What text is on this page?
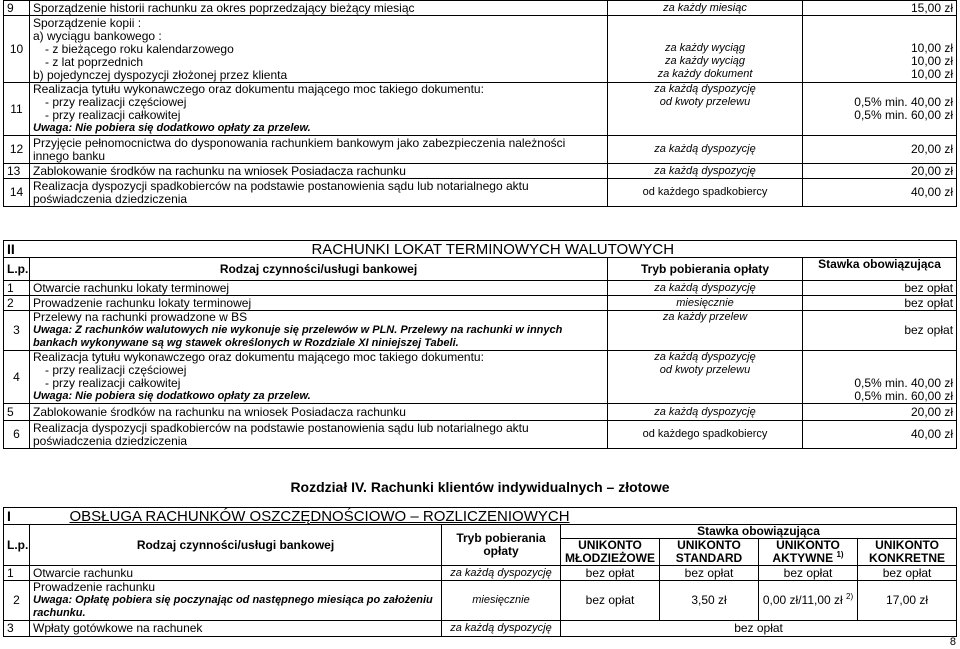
9	Sporządzenie historii rachunku za okres poprzedzający bieżący miesiąc	za każdy miesiąc	15,00 zł
10	Sporządzenie kopii :
a) wyciągu bankowego :
- z bieżącego roku kalendarzowego
- z lat poprzednich
b) pojedynczej dyspozycji złożonej przez klienta	za każdy wyciąg
za każdy wyciąg
za każdy dokument	10,00 zł
10,00 zł
10,00 zł

11	Realizacja tytułu wykonawczego oraz dokumentu mającego moc takiego dokumentu:
- przy realizacji częściowej
- przy realizacji całkowitej
Uwaga: Nie pobiera się dodatkowo opłaty za przelew.	za każdą dyspozycję
od kwoty przelewu	0,5% min. 40,00 zł
0,5% min. 60,00 zł

12	Przyjęcie pełnomocnictwa do dysponowania rachunkiem bankowym jako zabezpieczenia należności innego banku	za każdą dyspozycję	20,00 zł
13	Zablokowanie środków na rachunku na wniosek Posiadacza rachunku	za każdą dyspozycję	20,00 zł
14	Realizacja dyspozycji spadkobierców na podstawie postanowienia sądu lub notarialnego aktu poświadczenia dziedziczenia	od każdego spadkobiercy	40,00 zł
II	RACHUNKI LOKAT TERMINOWYCH WALUTOWYCH		
L.p.	Rodzaj czynności/usługi bankowej	Tryb pobierania opłaty	Stawka obowiązująca
1	Otwarcie rachunku lokaty terminowej	za każdą dyspozycję	bez opłat
2	Prowadzenie rachunku lokaty terminowej	miesięcznie	bez opłat
3	Przelewy na rachunki prowadzone w BS
Uwaga: Z rachunków walutowych nie wykonuje się przelewów w PLN. Przelewy na rachunki w innych bankach wykonywane są wg stawek określonych w Rozdziale XI niniejszej Tabeli.	za każdy przelew	bez opłat
4	Realizacja tytułu wykonawczego oraz dokumentu mającego moc takiego dokumentu:
- przy realizacji częściowej
- przy realizacji całkowitej
Uwaga: Nie pobiera się dodatkowo opłaty za przelew.	za każdą dyspozycję
od kwoty przelewu	0,5% min. 40,00 zł
0,5% min. 60,00 zł

5	Zablokowanie środków na rachunku na wniosek Posiadacza rachunku	za każdą dyspozycję	20,00 zł
6	Realizacja dyspozycji spadkobierców na podstawie postanowienia sądu lub notarialnego aktu poświadczenia dziedziczenia	od każdego spadkobiercy	40,00 zł
Rozdział IV. Rachunki klientów indywidualnych – złotowe
I	OBSŁUGA RACHUNKÓW OSZCZĘDNOŚCIOWO – ROZLICZENIOWYCH					
L.p.	Rodzaj czynności/usługi bankowej	Tryb pobierania opłaty	Stawka obowiązująca			
			UNIKONTO MŁODZIEŻOWE	UNIKONTO STANDARD	UNIKONTO AKTYWNE $^{1)}$	UNIKONTO KONKRETNE
1	Otwarcie rachunku	za każdą dyspozycję	bez opłat	bez opłat	bez opłat	bez opłat
2	Prowadzenie rachunku
Uwaga: Opłatę pobiera się poczynając od następnego miesiąca po założeniu rachunku.	miesięcznie	bez opłat	3,50 zł	0,00 zł/11,00 zł $^{2)}$	17,00 zł
3	Wpłaty gotówkowe na rachunek	za każdą dyspozycję	bez opłat			
8
